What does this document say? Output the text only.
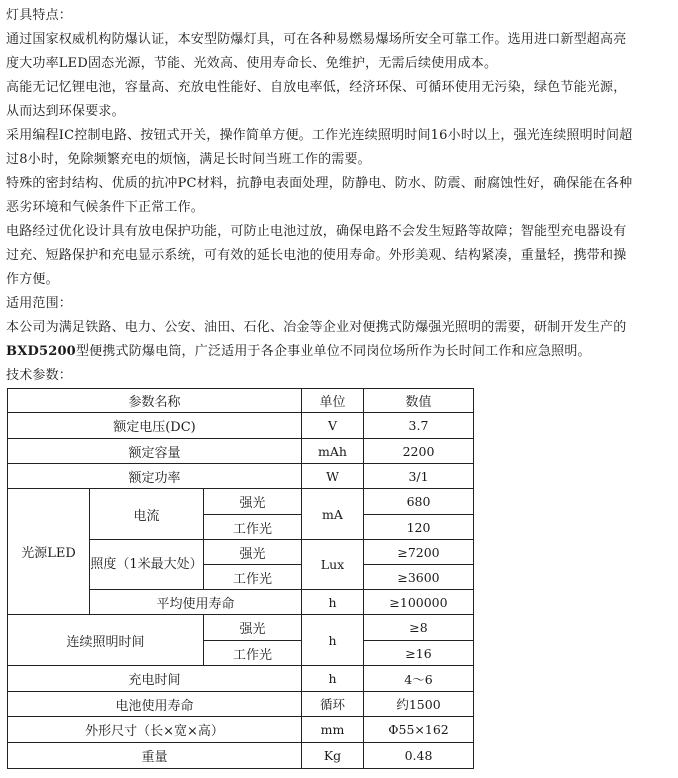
灯具特点：
通过国家权威机构防爆认证，本安型防爆灯具，可在各种易燃易爆场所安全可靠工作。选用进口新型超高亮
度大功率LED固态光源，节能、光效高、使用寿命长、免维护，无需后续使用成本。
高能无记忆锂电池，容量高、充放电性能好、自放电率低，经济环保、可循环使用无污染，绿色节能光源，
从而达到环保要求。
采用编程IC控制电路、按钮式开关，操作简单方便。工作光连续照明时间16小时以上，强光连续照明时间超
过8小时，免除频繁充电的烦恼，满足长时间当班工作的需要。
特殊的密封结构、优质的抗冲PC材料，抗静电表面处理，防静电、防水、防震、耐腐蚀性好，确保能在各种
恶劣环境和气候条件下正常工作。
电路经过优化设计具有放电保护功能，可防止电池过放，确保电路不会发生短路等故障；智能型充电器设有
过充、短路保护和充电显示系统，可有效的延长电池的使用寿命。外形美观、结构紧凑，重量轻，携带和操
作方便。
适用范围：
本公司为满足铁路、电力、公安、油田、石化、冶金等企业对便携式防爆强光照明的需要，研制开发生产的
BXD5200型便携式防爆电筒，广泛适用于各企事业单位不同岗位场所作为长时间工作和应急照明。
技术参数：
参数名称			单位	数值
额定电压(DC)			V	3.7
额定容量			mAh	2200
额定功率			W	3/1
光源LED	电流	强光	mA	680
		工作光		120
	照度（1米最大处）	强光	Lux	≥7200
		工作光		≥3600
	平均使用寿命		h	≥100000
连续照明时间		强光	h	≥8
		工作光		≥16
充电时间			h	4～6
电池使用寿命			循环	约1500
外形尺寸（长×宽×高）			mm	Φ55×162
重量			Kg	0.48
